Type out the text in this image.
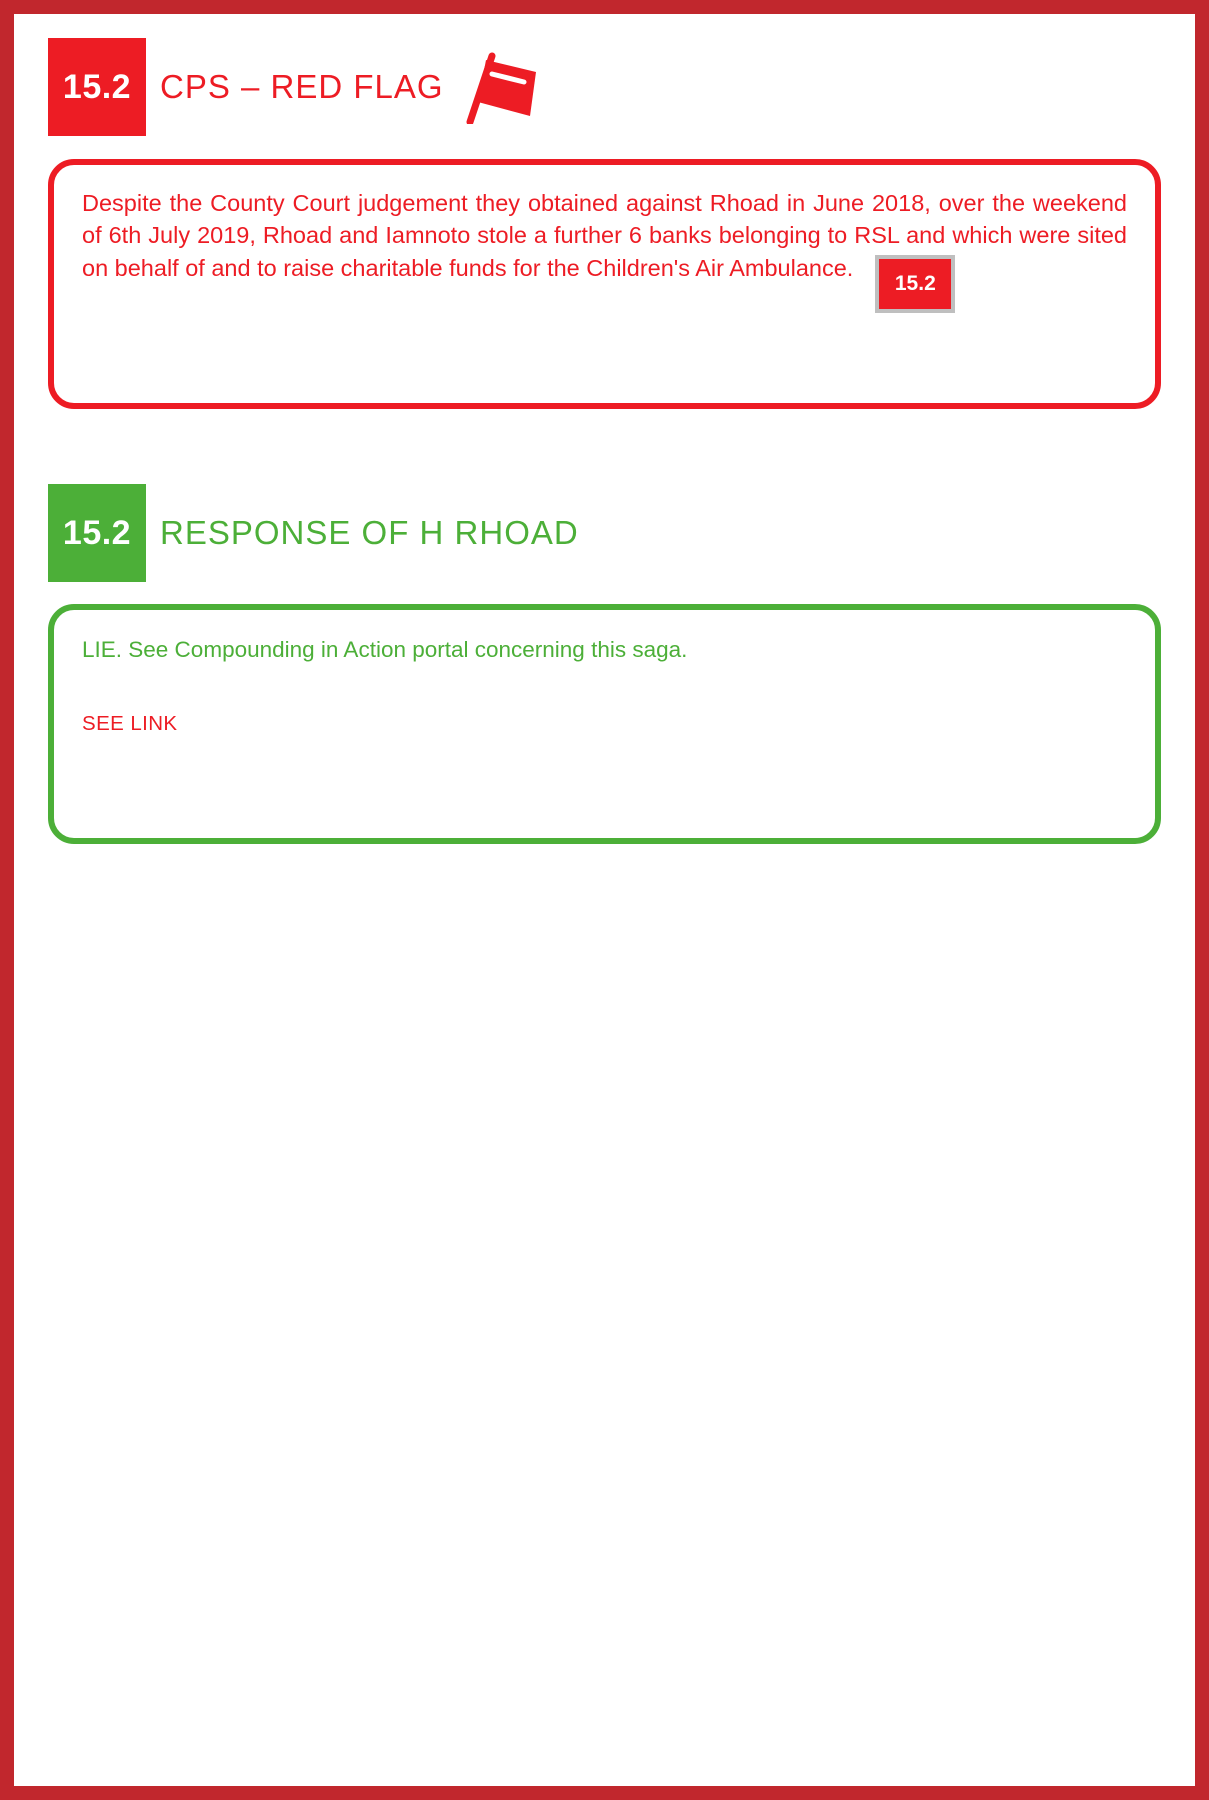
15.2 CPS – RED FLAG
Despite the County Court judgement they obtained against Rhoad in June 2018, over the weekend of 6th July 2019, Rhoad and Iamnoto stole a further 6 banks belonging to RSL and which were sited on behalf of and to raise charitable funds for the Children's Air Ambulance.15.2
15.2 RESPONSE OF H RHOAD
LIE. See Compounding in Action portal concerning this saga.
SEE LINK
